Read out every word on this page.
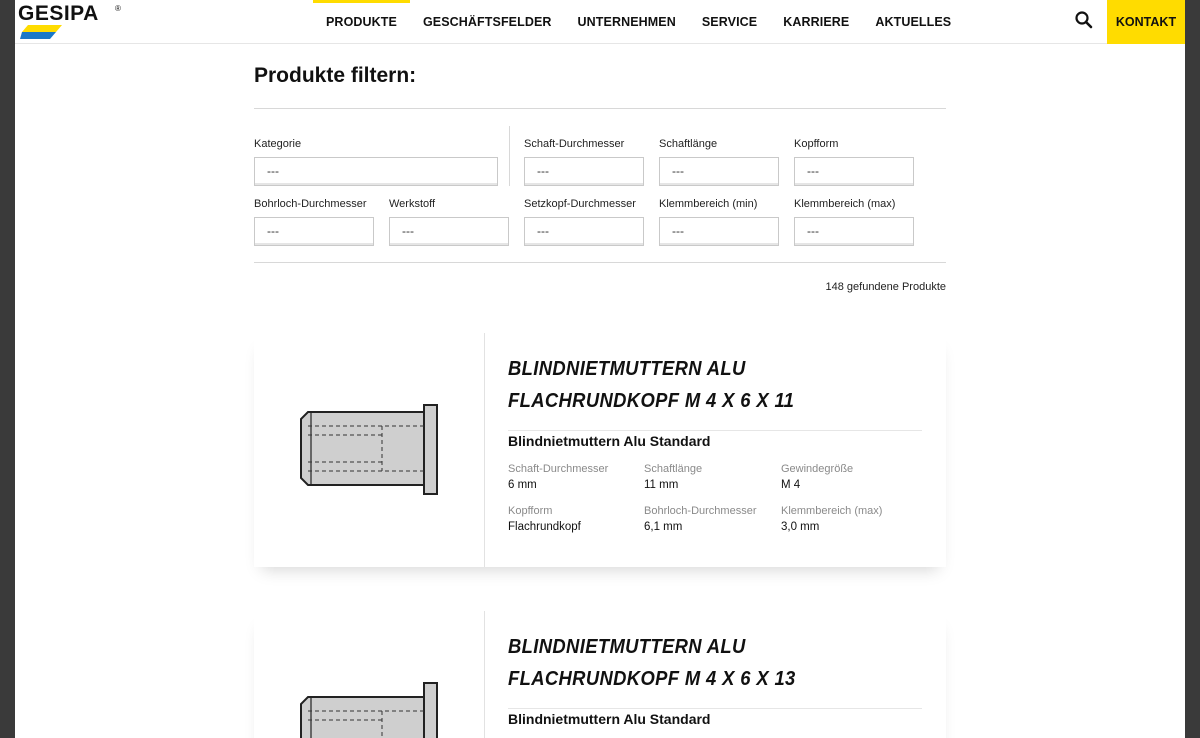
GESIPA ®
PRODUKTE	GESCHÄFTSFELDER	UNTERNEHMEN	SERVICE	KARRIERE	AKTUELLES	KONTAKT
Produkte filtern:
Kategorie
---
Schaft-Durchmesser
---
Schaftlänge
---
Kopfform
---
Bohrloch-Durchmesser
---
Werkstoff
---
Setzkopf-Durchmesser
---
Klemmbereich (min)
---
Klemmbereich (max)
---
148 gefundene Produkte
BLINDNIETMUTTERN ALU FLACHRUNDKOPF M 4 X 6 X 11
Blindnietmuttern Alu Standard
Schaft-Durchmesser
6 mm
Schaftlänge
11 mm
Gewindegröße
M 4
Kopfform
Flachrundkopf
Bohrloch-Durchmesser
6,1 mm
Klemmbereich (max)
3,0 mm
BLINDNIETMUTTERN ALU FLACHRUNDKOPF M 4 X 6 X 13
Blindnietmuttern Alu Standard
